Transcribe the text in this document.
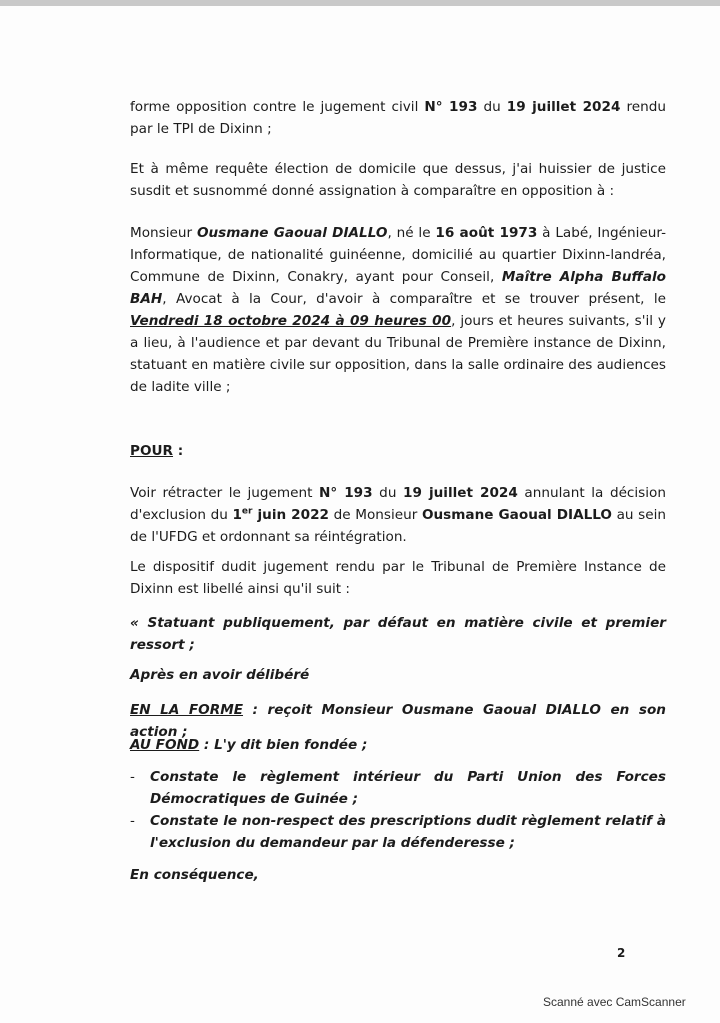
forme opposition contre le jugement civil N° 193 du 19 juillet 2024 rendu par le TPI de Dixinn ;

Et à même requête élection de domicile que dessus, j'ai huissier de justice susdit et susnommé donné assignation à comparaître en opposition à :

Monsieur Ousmane Gaoual DIALLO, né le 16 août 1973 à Labé, Ingénieur-Informatique, de nationalité guinéenne, domicilié au quartier Dixinn-landréa, Commune de Dixinn, Conakry, ayant pour Conseil, Maître Alpha Buffalo BAH, Avocat à la Cour, d'avoir à comparaître et se trouver présent, le Vendredi 18 octobre 2024 à 09 heures 00, jours et heures suivants, s'il y a lieu, à l'audience et par devant du Tribunal de Première instance de Dixinn, statuant en matière civile sur opposition, dans la salle ordinaire des audiences de ladite ville ;

POUR :

Voir rétracter le jugement N° 193 du 19 juillet 2024 annulant la décision d'exclusion du 1er juin 2022 de Monsieur Ousmane Gaoual DIALLO au sein de l'UFDG et ordonnant sa réintégration.

Le dispositif dudit jugement rendu par le Tribunal de Première Instance de Dixinn est libellé ainsi qu'il suit :

« Statuant publiquement, par défaut en matière civile et premier ressort ;

Après en avoir délibéré

EN LA FORME : reçoit Monsieur Ousmane Gaoual DIALLO en son action ;

AU FOND : L'y dit bien fondée ;

- Constate le règlement intérieur du Parti Union des Forces Démocratiques de Guinée ;

- Constate le non-respect des prescriptions dudit règlement relatif à l'exclusion du demandeur par la défenderesse ;

En conséquence,

2
Scanné avec CamScanner
